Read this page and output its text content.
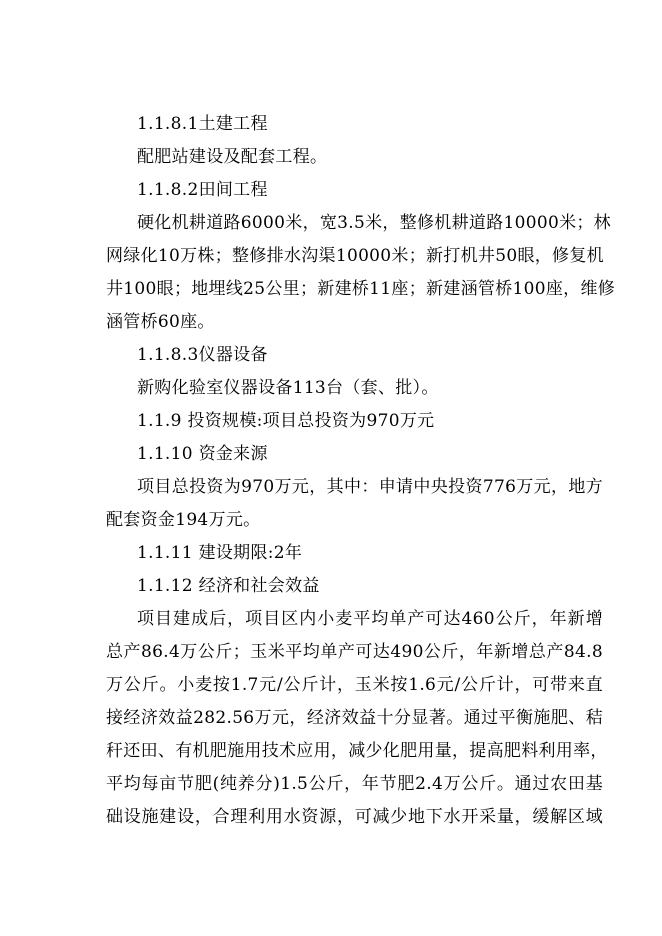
1.1.8.1土建工程
配肥站建设及配套工程。
1.1.8.2田间工程
硬化机耕道路6000米，宽3.5米，整修机耕道路10000米；林
网绿化10万株；整修排水沟渠10000米；新打机井50眼，修复机
井100眼；地埋线25公里；新建桥11座；新建涵管桥100座，维修
涵管桥60座。
1.1.8.3仪器设备
新购化验室仪器设备113台（套、批）。
1.1.9 投资规模:项目总投资为970万元
1.1.10 资金来源
项目总投资为970万元，其中：申请中央投资776万元，地方
配套资金194万元。
1.1.11 建设期限:2年
1.1.12 经济和社会效益
项目建成后，项目区内小麦平均单产可达460公斤，年新增
总产86.4万公斤；玉米平均单产可达490公斤，年新增总产84.8
万公斤。小麦按1.7元/公斤计，玉米按1.6元/公斤计，可带来直
接经济效益282.56万元，经济效益十分显著。通过平衡施肥、秸
秆还田、有机肥施用技术应用，减少化肥用量，提高肥料利用率，
平均每亩节肥(纯养分)1.5公斤，年节肥2.4万公斤。通过农田基
础设施建设，合理利用水资源，可减少地下水开采量，缓解区域
